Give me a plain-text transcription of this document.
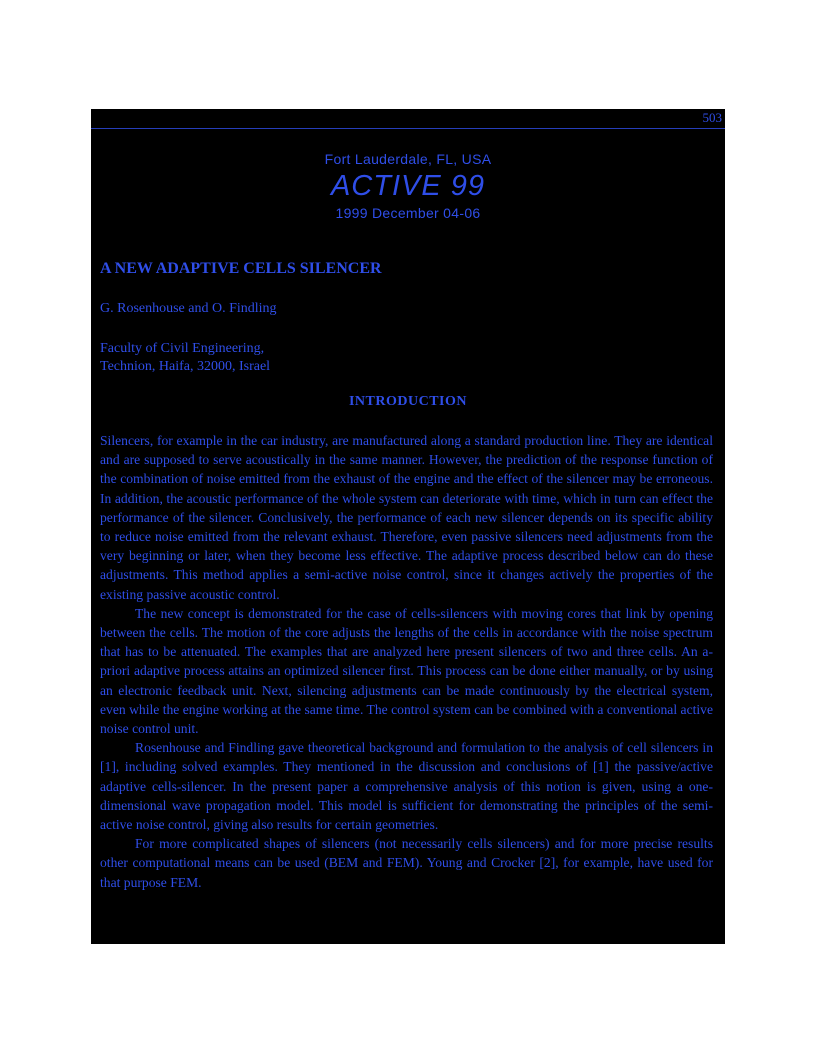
503
Fort Lauderdale, FL, USA
ACTIVE 99
1999 December 04-06
A NEW ADAPTIVE CELLS SILENCER
G. Rosenhouse and O. Findling
Faculty of Civil Engineering,
Technion, Haifa, 32000, Israel
INTRODUCTION

Silencers, for example in the car industry, are manufactured along a standard production line. They are identical and are supposed to serve acoustically in the same manner. However, the prediction of the response function of the combination of noise emitted from the exhaust of the engine and the effect of the silencer may be erroneous. In addition, the acoustic performance of the whole system can deteriorate with time, which in turn can effect the performance of the silencer. Conclusively, the performance of each new silencer depends on its specific ability to reduce noise emitted from the relevant exhaust. Therefore, even passive silencers need adjustments from the very beginning or later, when they become less effective. The adaptive process described below can do these adjustments. This method applies a semi-active noise control, since it changes actively the properties of the existing passive acoustic control.

The new concept is demonstrated for the case of cells-silencers with moving cores that link by opening between the cells. The motion of the core adjusts the lengths of the cells in accordance with the noise spectrum that has to be attenuated. The examples that are analyzed here present silencers of two and three cells. An a-priori adaptive process attains an optimized silencer first. This process can be done either manually, or by using an electronic feedback unit. Next, silencing adjustments can be made continuously by the electrical system, even while the engine working at the same time. The control system can be combined with a conventional active noise control unit.

Rosenhouse and Findling gave theoretical background and formulation to the analysis of cell silencers in [1], including solved examples. They mentioned in the discussion and conclusions of [1] the passive/active adaptive cells-silencer. In the present paper a comprehensive analysis of this notion is given, using a one-dimensional wave propagation model. This model is sufficient for demonstrating the principles of the semi-active noise control, giving also results for certain geometries.

For more complicated shapes of silencers (not necessarily cells silencers) and for more precise results other computational means can be used (BEM and FEM). Young and Crocker [2], for example, have used for that purpose FEM.
